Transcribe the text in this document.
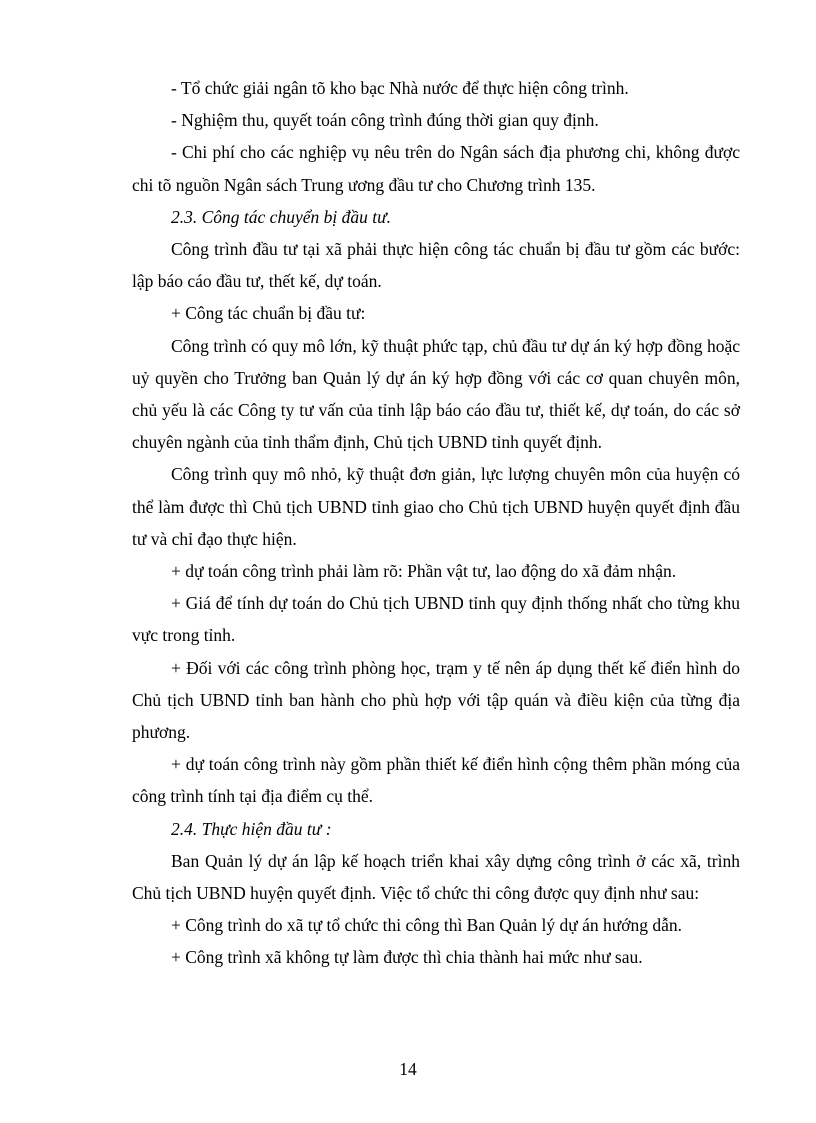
- Tổ chức giải ngân tõ kho bạc Nhà nước để thực hiện công trình.

- Nghiệm thu, quyết toán công trình đúng thời gian quy định.

- Chi phí cho các nghiệp vụ nêu trên do Ngân sách địa phương chi, không được chi tõ nguồn Ngân sách Trung ương đầu tư cho Chương trình 135.

2.3. Công tác chuyển bị đầu tư.

Công trình đầu tư tại xã phải thực hiện công tác chuẩn bị đầu tư gồm các bước: lập báo cáo đầu tư, thết kế, dự toán.

+ Công tác chuẩn bị đầu tư:

Công trình có quy mô lớn, kỹ thuật phức tạp, chủ đầu tư dự án ký hợp đồng hoặc uỷ quyền cho Trưởng ban Quản lý dự án ký hợp đồng với các cơ quan chuyên môn, chủ yếu là các Công ty tư vấn của tỉnh lập báo cáo đầu tư, thiết kế, dự toán, do các sở chuyên ngành của tỉnh thẩm định, Chủ tịch UBND tỉnh quyết định.

Công trình quy mô nhỏ, kỹ thuật đơn giản, lực lượng chuyên môn của huyện có thể làm được thì Chủ tịch UBND tỉnh giao cho Chủ tịch UBND huyện quyết định đầu tư và chỉ đạo thực hiện.

+ dự toán công trình phải làm rõ: Phần vật tư, lao động do xã đảm nhận.

+ Giá để tính dự toán do Chủ tịch UBND tỉnh quy định thống nhất cho từng khu vực trong tỉnh.

+ Đối với các công trình phòng học, trạm y tế nên áp dụng thết kế điển hình do Chủ tịch UBND tỉnh ban hành cho phù hợp với tập quán và điều kiện của từng địa phương.

+ dự toán công trình này gồm phần thiết kế điển hình cộng thêm phần móng của công trình tính tại địa điểm cụ thể.

2.4. Thực hiện đầu tư :

Ban Quản lý dự án lập kế hoạch triển khai xây dựng công trình ở các xã, trình Chủ tịch UBND huyện quyết định. Việc tổ chức thi công được quy định như sau:

+ Công trình do xã tự tổ chức thi công thì Ban Quản lý dự án hướng dẫn.

+ Công trình xã không tự làm được thì chia thành hai mức như sau.

14
